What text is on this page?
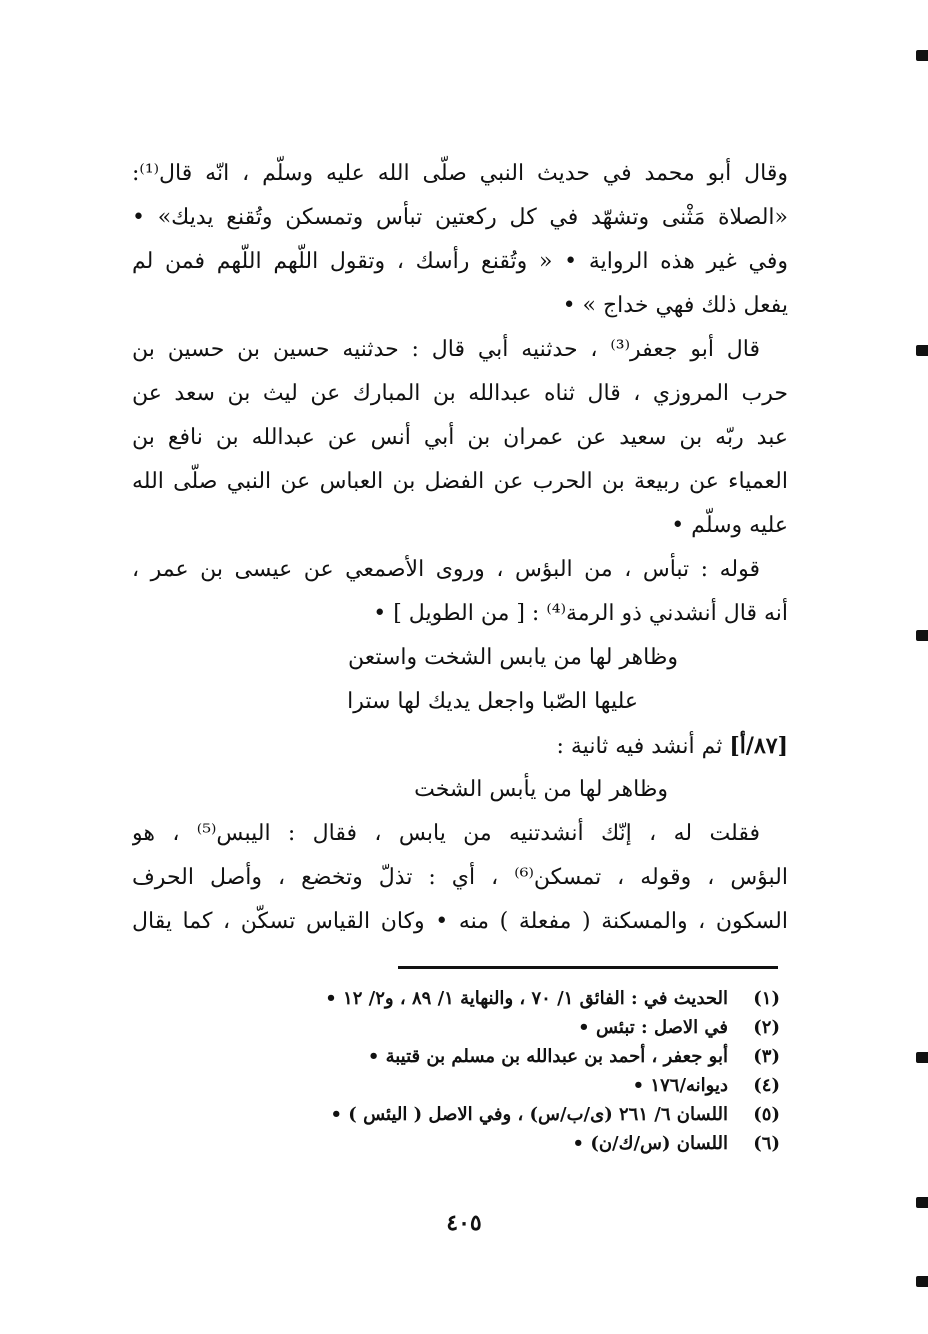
وقال أبو محمد في حديث النبي صلّى الله عليه وسلّم ، انّه قال⁽¹⁾:
«الصلاة مَثْنى وتشهّد في كل ركعتين تبأس وتمسكن وتُقنع يديك» •
وفي غير هذه الرواية • « وتُقنع رأسك ، وتقول اللّهم اللّهم فمن لم
يفعل ذلك فهي خداج » •
قال أبو جعفر⁽³⁾ ، حدثنيه أبي قال : حدثنيه حسين بن حسين بن
حرب المروزي ، قال ثناه عبدالله بن المبارك عن ليث بن سعد عن
عبد ربّه بن سعيد عن عمران بن أبي أنس عن عبدالله بن نافع بن
العمياء عن ربيعة بن الحرب عن الفضل بن العباس عن النبي صلّى الله
عليه وسلّم •
قوله : تبأس ، من البؤس ، وروى الأصمعي عن عيسى بن عمر ،
أنه قال أنشدني ذو الرمة⁽⁴⁾ : [ من الطويل ] •
وظاهر لها من يابس الشخت واستعن
عليها الصّبا واجعل يديك لها سترا
[٨٧/أ] ثم أنشد فيه ثانية :
وظاهر لها من يأبس الشخت
فقلت له ، إنّك أنشدتنيه من يابس ، فقال : اليبس⁽⁵⁾ ، هو
البؤس ، وقوله ، تمسكن⁽⁶⁾ ، أي : تذلّ وتخضع ، وأصل الحرف
السكون ، والمسكنة ( مفعلة ) منه • وكان القياس تسكّن ، كما يقال
(١)الحديث في : الفائق ١/ ٧٠ ، والنهاية ١/ ٨٩ ، و٢/ ١٢ •
(٢)في الاصل : تبئس •
(٣)أبو جعفر ، أحمد بن عبدالله بن مسلم بن قتيبة •
(٤)ديوانه/١٧٦ •
(٥)اللسان ٦/ ٢٦١ (ى/ب/س) ، وفي الاصل ( اليئس ) •
(٦)اللسان (س/ك/ن) •
٤٠٥
